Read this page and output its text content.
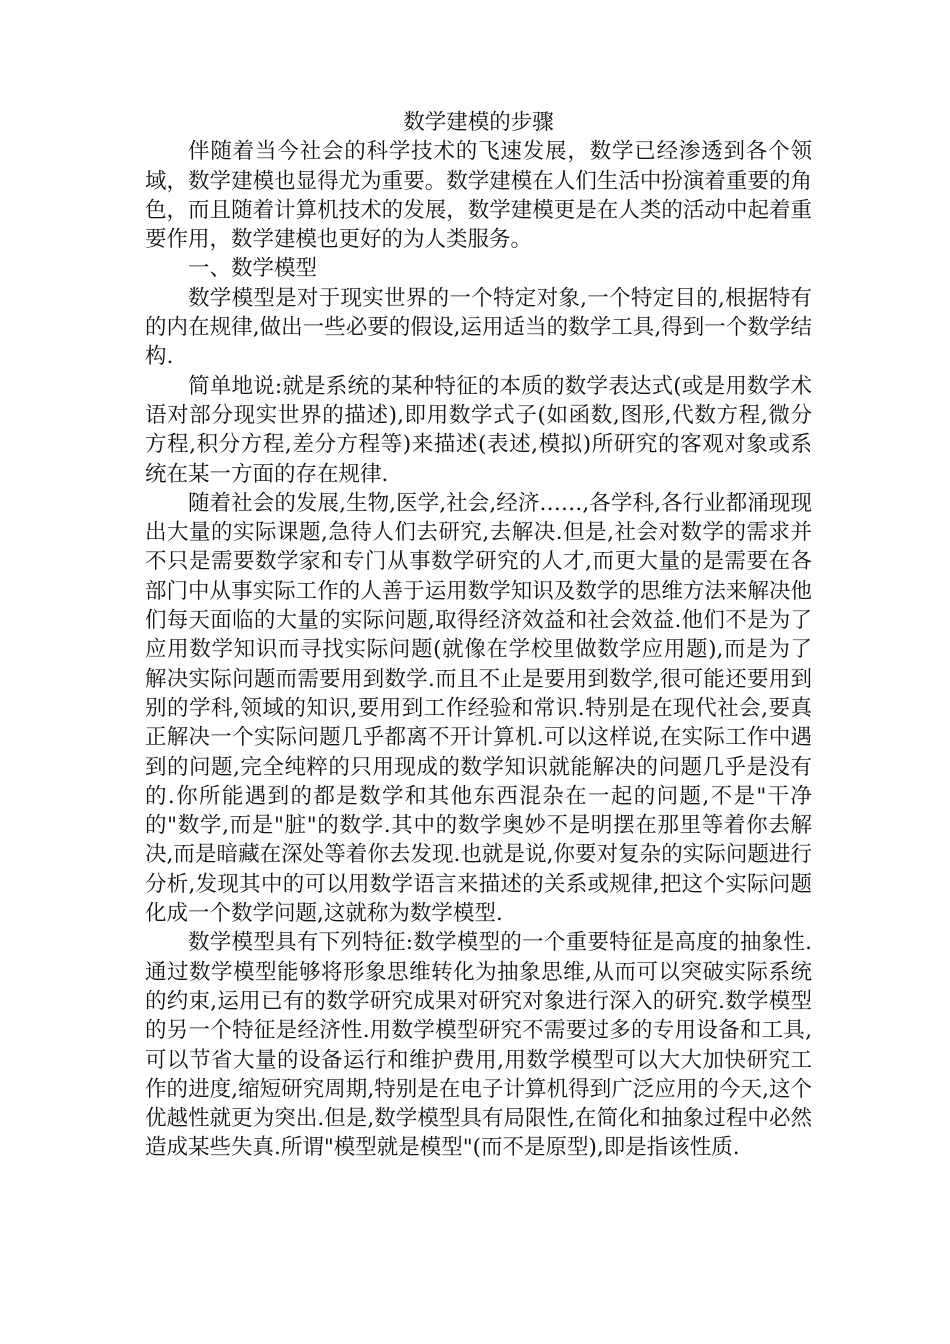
数学建模的步骤

伴随着当今社会的科学技术的飞速发展，数学已经渗透到各个领域，数学建模也显得尤为重要。数学建模在人们生活中扮演着重要的角色，而且随着计算机技术的发展，数学建模更是在人类的活动中起着重要作用，数学建模也更好的为人类服务。

一、数学模型

数学模型是对于现实世界的一个特定对象,一个特定目的,根据特有的内在规律,做出一些必要的假设,运用适当的数学工具,得到一个数学结构.

简单地说:就是系统的某种特征的本质的数学表达式(或是用数学术语对部分现实世界的描述),即用数学式子(如函数,图形,代数方程,微分方程,积分方程,差分方程等)来描述(表述,模拟)所研究的客观对象或系统在某一方面的存在规律.

随着社会的发展,生物,医学,社会,经济……,各学科,各行业都涌现现出大量的实际课题,急待人们去研究,去解决.但是,社会对数学的需求并不只是需要数学家和专门从事数学研究的人才,而更大量的是需要在各部门中从事实际工作的人善于运用数学知识及数学的思维方法来解决他们每天面临的大量的实际问题,取得经济效益和社会效益.他们不是为了应用数学知识而寻找实际问题(就像在学校里做数学应用题),而是为了解决实际问题而需要用到数学.而且不止是要用到数学,很可能还要用到别的学科,领域的知识,要用到工作经验和常识.特别是在现代社会,要真正解决一个实际问题几乎都离不开计算机.可以这样说,在实际工作中遇到的问题,完全纯粹的只用现成的数学知识就能解决的问题几乎是没有的.你所能遇到的都是数学和其他东西混杂在一起的问题,不是"干净的"数学,而是"脏"的数学.其中的数学奥妙不是明摆在那里等着你去解决,而是暗藏在深处等着你去发现.也就是说,你要对复杂的实际问题进行分析,发现其中的可以用数学语言来描述的关系或规律,把这个实际问题化成一个数学问题,这就称为数学模型.

数学模型具有下列特征:数学模型的一个重要特征是高度的抽象性.通过数学模型能够将形象思维转化为抽象思维,从而可以突破实际系统的约束,运用已有的数学研究成果对研究对象进行深入的研究.数学模型的另一个特征是经济性.用数学模型研究不需要过多的专用设备和工具,可以节省大量的设备运行和维护费用,用数学模型可以大大加快研究工作的进度,缩短研究周期,特别是在电子计算机得到广泛应用的今天,这个优越性就更为突出.但是,数学模型具有局限性,在简化和抽象过程中必然造成某些失真.所谓"模型就是模型"(而不是原型),即是指该性质.
